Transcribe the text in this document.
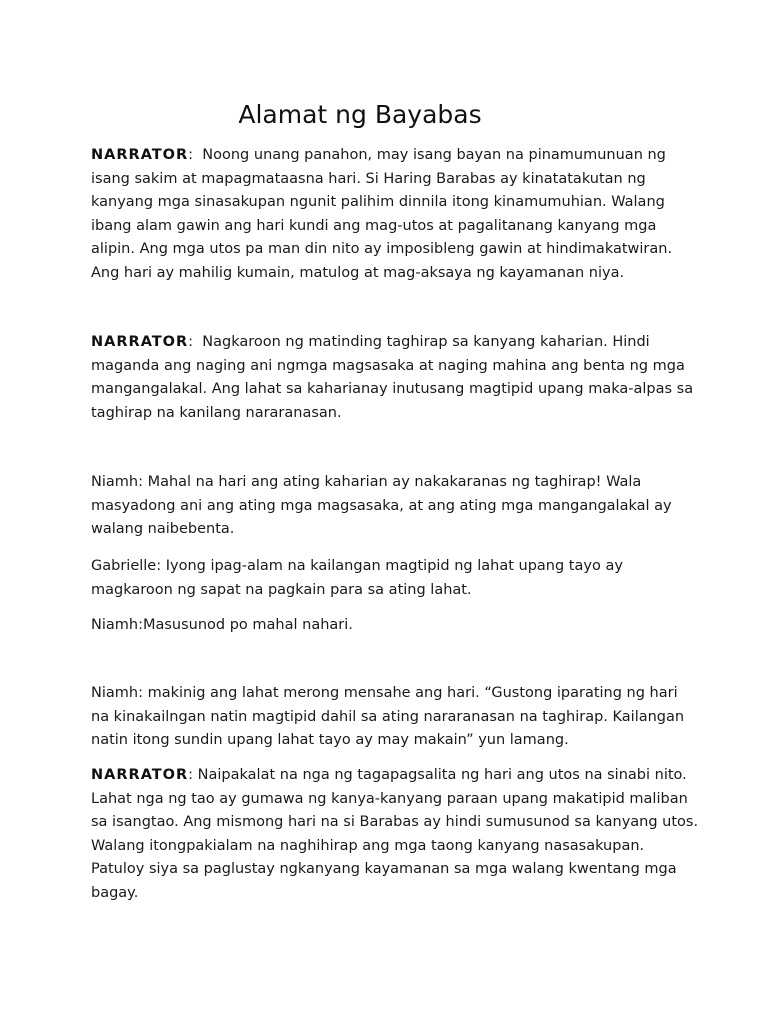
Alamat ng Bayabas

NARRATOR:  Noong unang panahon, may isang bayan na pinamumunuan ng
isang sakim at mapagmataasna hari. Si Haring Barabas ay kinatatakutan ng
kanyang mga sinasakupan ngunit palihim dinnila itong kinamumuhian. Walang
ibang alam gawin ang hari kundi ang mag-utos at pagalitanang kanyang mga
alipin. Ang mga utos pa man din nito ay imposibleng gawin at hindimakatwiran.
Ang hari ay mahilig kumain, matulog at mag-aksaya ng kayamanan niya.

NARRATOR:  Nagkaroon ng matinding taghirap sa kanyang kaharian. Hindi
maganda ang naging ani ngmga magsasaka at naging mahina ang benta ng mga
mangangalakal. Ang lahat sa kaharianay inutusang magtipid upang maka-alpas sa
taghirap na kanilang nararanasan.

Niamh: Mahal na hari ang ating kaharian ay nakakaranas ng taghirap! Wala
masyadong ani ang ating mga magsasaka, at ang ating mga mangangalakal ay
walang naibebenta.

Gabrielle: Iyong ipag-alam na kailangan magtipid ng lahat upang tayo ay
magkaroon ng sapat na pagkain para sa ating lahat.

Niamh:Masusunod po mahal nahari.

Niamh: makinig ang lahat merong mensahe ang hari. “Gustong iparating ng hari
na kinakailngan natin magtipid dahil sa ating nararanasan na taghirap. Kailangan
natin itong sundin upang lahat tayo ay may makain” yun lamang.

NARRATOR: Naipakalat na nga ng tagapagsalita ng hari ang utos na sinabi nito.
Lahat nga ng tao ay gumawa ng kanya-kanyang paraan upang makatipid maliban
sa isangtao. Ang mismong hari na si Barabas ay hindi sumusunod sa kanyang utos.
Walang itongpakialam na naghihirap ang mga taong kanyang nasasakupan.
Patuloy siya sa paglustay ngkanyang kayamanan sa mga walang kwentang mga
bagay.
